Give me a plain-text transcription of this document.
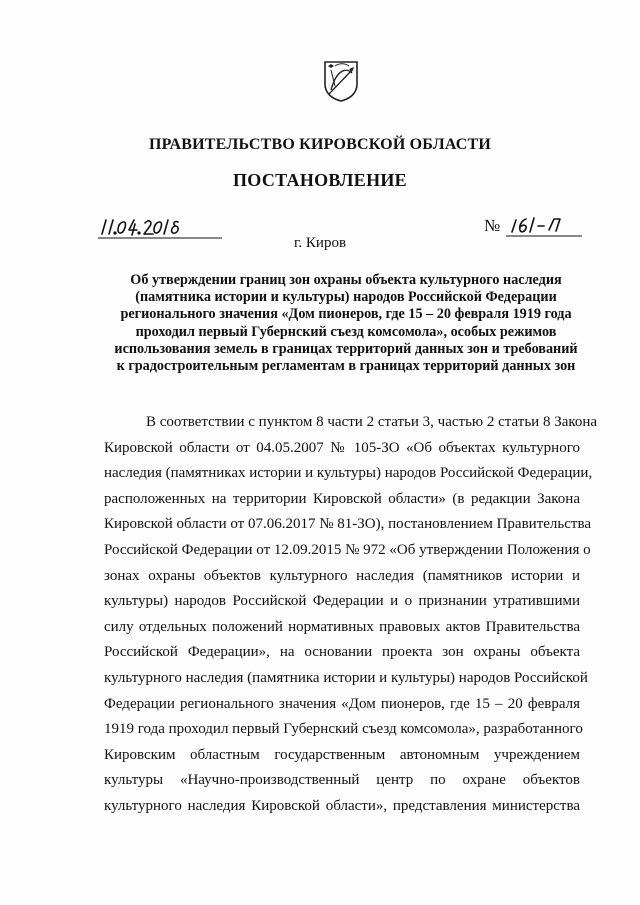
ПРАВИТЕЛЬСТВО КИРОВСКОЙ ОБЛАСТИ
ПОСТАНОВЛЕНИЕ
№
г. Киров
Об утверждении границ зон охраны объекта культурного наследия
(памятника истории и культуры) народов Российской Федерации
регионального значения «Дом пионеров, где 15 – 20 февраля 1919 года
проходил первый Губернский съезд комсомола», особых режимов
использования земель в границах территорий данных зон и требований
к градостроительным регламентам в границах территорий данных зон
В соответствии с пунктом 8 части 2 статьи 3, частью 2 статьи 8 Закона
Кировской области от 04.05.2007 № 105-ЗО «Об объектах культурного
наследия (памятниках истории и культуры) народов Российской Федерации,
расположенных на территории Кировской области» (в редакции Закона
Кировской области от 07.06.2017 № 81-ЗО), постановлением Правительства
Российской Федерации от 12.09.2015 № 972 «Об утверждении Положения о
зонах охраны объектов культурного наследия (памятников истории и
культуры) народов Российской Федерации и о признании утратившими
силу отдельных положений нормативных правовых актов Правительства
Российской Федерации», на основании проекта зон охраны объекта
культурного наследия (памятника истории и культуры) народов Российской
Федерации регионального значения «Дом пионеров, где 15 – 20 февраля
1919 года проходил первый Губернский съезд комсомола», разработанного
Кировским областным государственным автономным учреждением
культуры «Научно-производственный центр по охране объектов
культурного наследия Кировской области», представления министерства
